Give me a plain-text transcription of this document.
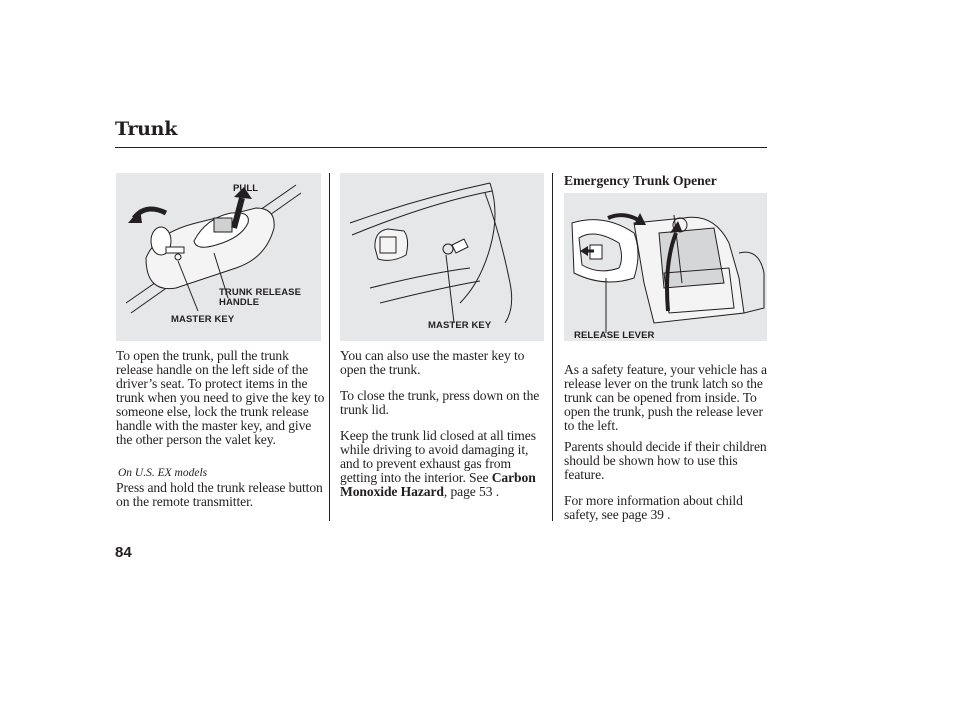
Trunk
PULL
TRUNK RELEASE
HANDLE
MASTER KEY
MASTER KEY
RELEASE LEVER

To open the trunk, pull the trunk release handle on the left side of the driver’s seat. To protect items in the trunk when you need to give the key to someone else, lock the trunk release handle with the master key, and give the other person the valet key.

On U.S. EX models

Press and hold the trunk release button on the remote transmitter.

You can also use the master key to open the trunk.

To close the trunk, press down on the trunk lid.

Keep the trunk lid closed at all times while driving to avoid damaging it, and to prevent exhaust gas from getting into the interior. See Carbon Monoxide Hazard, page 53 .

Emergency Trunk Opener

As a safety feature, your vehicle has a release lever on the trunk latch so the trunk can be opened from inside. To open the trunk, push the release lever to the left.

Parents should decide if their children should be shown how to use this feature.

For more information about child safety, see page 39 .

84
